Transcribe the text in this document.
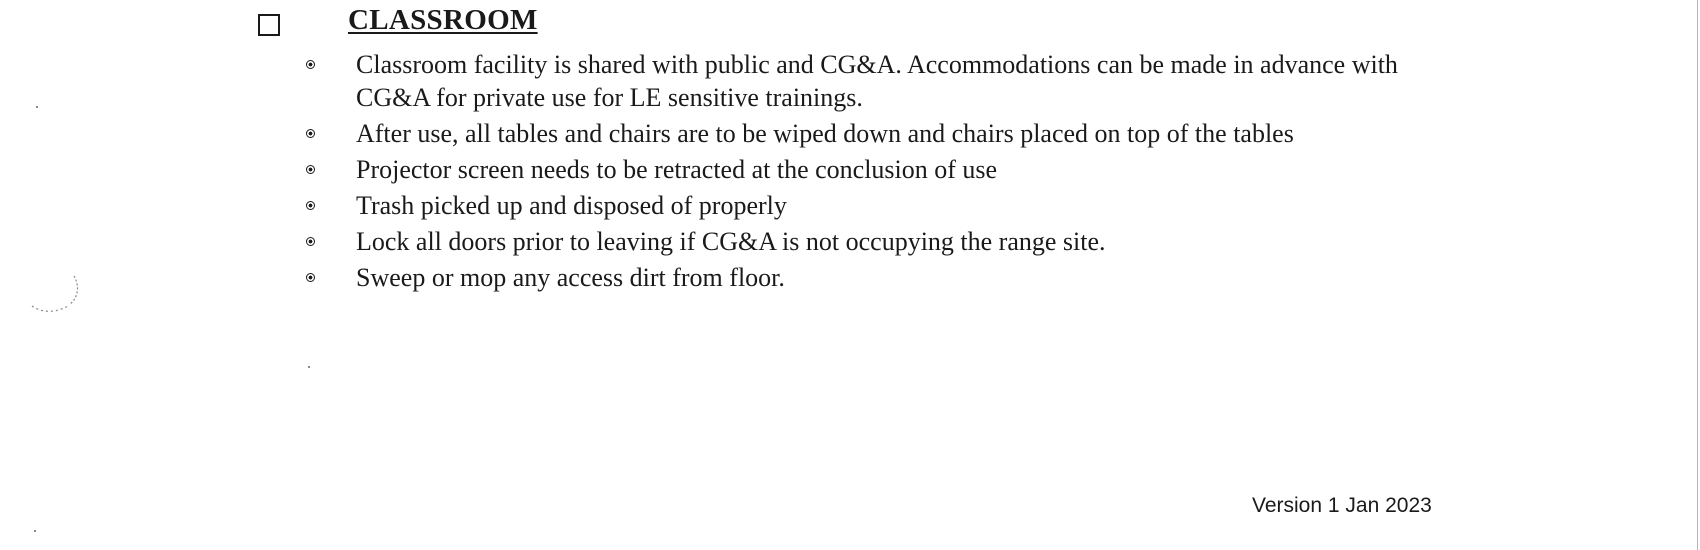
CLASSROOM
Classroom facility is shared with public and CG&A. Accommodations can be made in advance with CG&A for private use for LE sensitive trainings.
After use, all tables and chairs are to be wiped down and chairs placed on top of the tables
Projector screen needs to be retracted at the conclusion of use
Trash picked up and disposed of properly
Lock all doors prior to leaving if CG&A is not occupying the range site.
Sweep or mop any access dirt from floor.
Version 1 Jan 2023
